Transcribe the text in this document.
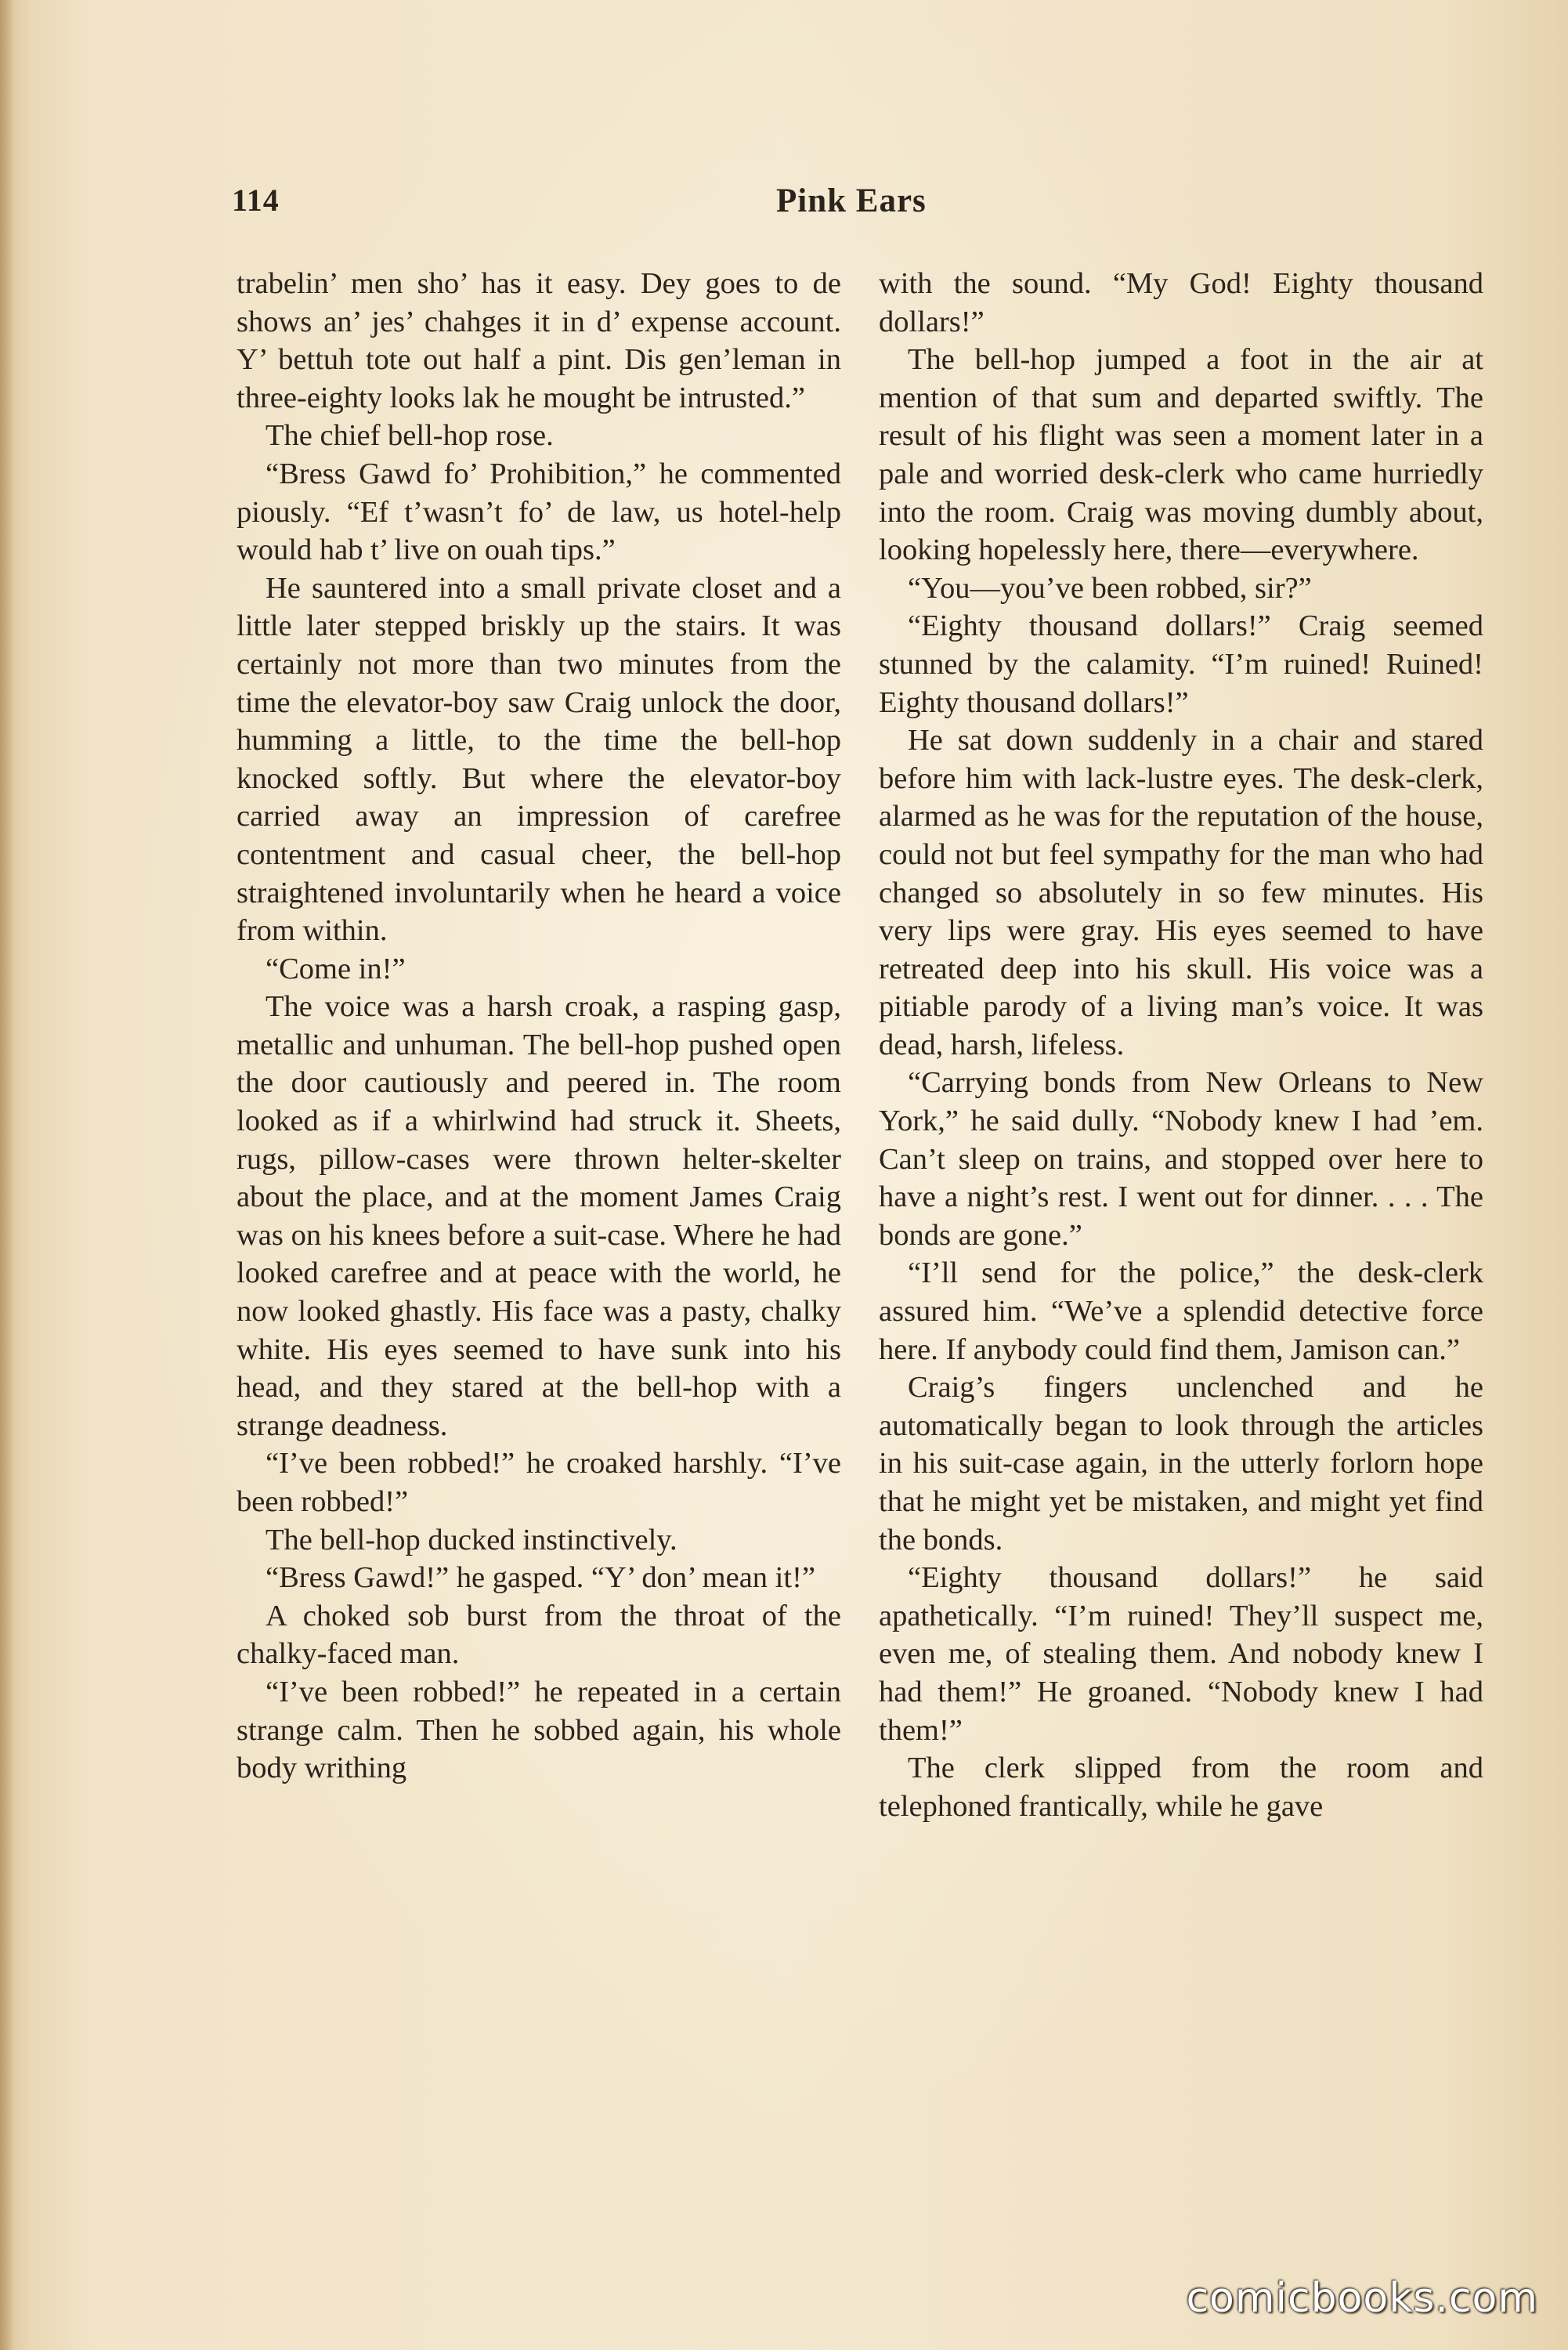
114	Pink Ears

trabelin’ men sho’ has it easy. Dey goes to de shows an’ jes’ chahges it in d’ expense account. Y’ bettuh tote out half a pint. Dis gen’leman in three-eighty looks lak he mought be intrusted.”

The chief bell-hop rose.

“Bress Gawd fo’ Prohibition,” he commented piously. “Ef t’wasn’t fo’ de law, us hotel-help would hab t’ live on ouah tips.”

He sauntered into a small private closet and a little later stepped briskly up the stairs. It was certainly not more than two minutes from the time the elevator-boy saw Craig unlock the door, humming a little, to the time the bell-hop knocked softly. But where the elevator-boy carried away an impression of carefree contentment and casual cheer, the bell-hop straightened involuntarily when he heard a voice from within.

“Come in!”

The voice was a harsh croak, a rasping gasp, metallic and unhuman. The bell-hop pushed open the door cautiously and peered in. The room looked as if a whirlwind had struck it. Sheets, rugs, pillow-cases were thrown helter-skelter about the place, and at the moment James Craig was on his knees before a suit-case. Where he had looked carefree and at peace with the world, he now looked ghastly. His face was a pasty, chalky white. His eyes seemed to have sunk into his head, and they stared at the bell-hop with a strange deadness.

“I’ve been robbed!” he croaked harshly. “I’ve been robbed!”

The bell-hop ducked instinctively.

“Bress Gawd!” he gasped. “Y’ don’ mean it!”

A choked sob burst from the throat of the chalky-faced man.

“I’ve been robbed!” he repeated in a certain strange calm. Then he sobbed again, his whole body writhing

with the sound. “My God! Eighty thousand dollars!”

The bell-hop jumped a foot in the air at mention of that sum and departed swiftly. The result of his flight was seen a moment later in a pale and worried desk-clerk who came hurriedly into the room. Craig was moving dumbly about, looking hopelessly here, there—everywhere.

“You—you’ve been robbed, sir?”

“Eighty thousand dollars!” Craig seemed stunned by the calamity. “I’m ruined! Ruined! Eighty thousand dollars!”

He sat down suddenly in a chair and stared before him with lack-lustre eyes. The desk-clerk, alarmed as he was for the reputation of the house, could not but feel sympathy for the man who had changed so absolutely in so few minutes. His very lips were gray. His eyes seemed to have retreated deep into his skull. His voice was a pitiable parody of a living man’s voice. It was dead, harsh, lifeless.

“Carrying bonds from New Orleans to New York,” he said dully. “Nobody knew I had ’em. Can’t sleep on trains, and stopped over here to have a night’s rest. I went out for dinner. . . . The bonds are gone.”

“I’ll send for the police,” the desk-clerk assured him. “We’ve a splendid detective force here. If anybody could find them, Jamison can.”

Craig’s fingers unclenched and he automatically began to look through the articles in his suit-case again, in the utterly forlorn hope that he might yet be mistaken, and might yet find the bonds.

“Eighty thousand dollars!” he said apathetically. “I’m ruined! They’ll suspect me, even me, of stealing them. And nobody knew I had them!” He groaned. “Nobody knew I had them!”

The clerk slipped from the room and telephoned frantically, while he gave

comicbooks.com
